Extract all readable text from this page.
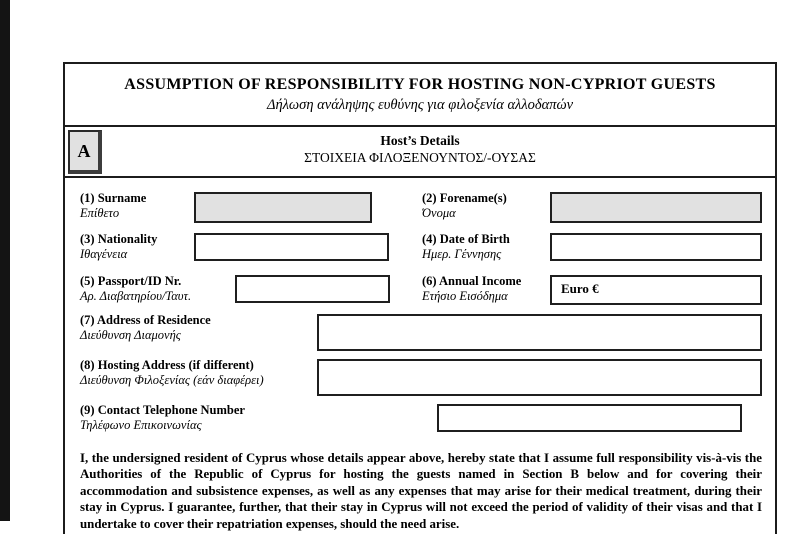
ASSUMPTION OF RESPONSIBILITY FOR HOSTING NON-CYPRIOT GUESTS
Δήλωση ανάληψης ευθύνης για φιλοξενία αλλοδαπών
A	Host’s Details
ΣΤΟΙΧΕΙΑ ΦΙΛΟΞΕΝΟΥΝΤΟΣ/-ΟΥΣΑΣ
(1) Surname
Επίθετο
(2) Forename(s)
Όνομα
(3) Nationality
Ιθαγένεια
(4) Date of Birth
Ημερ. Γέννησης
(5) Passport/ID Nr.
Αρ. Διαβατηρίου/Ταυτ.
(6) Annual Income
Ετήσιο Εισόδημα	Euro €
(7) Address of Residence
Διεύθυνση Διαμονής
(8) Hosting Address (if different)
Διεύθυνση Φιλοξενίας (εάν διαφέρει)
(9) Contact Telephone Number
Τηλέφωνο Επικοινωνίας
I, the undersigned resident of Cyprus whose details appear above, hereby state that I assume full responsibility vis-à-vis the Authorities of the Republic of Cyprus for hosting the guests named in Section B below and for covering their accommodation and subsistence expenses, as well as any expenses that may arise for their medical treatment, during their stay in Cyprus. I guarantee, further, that their stay in Cyprus will not exceed the period of validity of their visas and that I undertake to cover their repatriation expenses, should the need arise.
